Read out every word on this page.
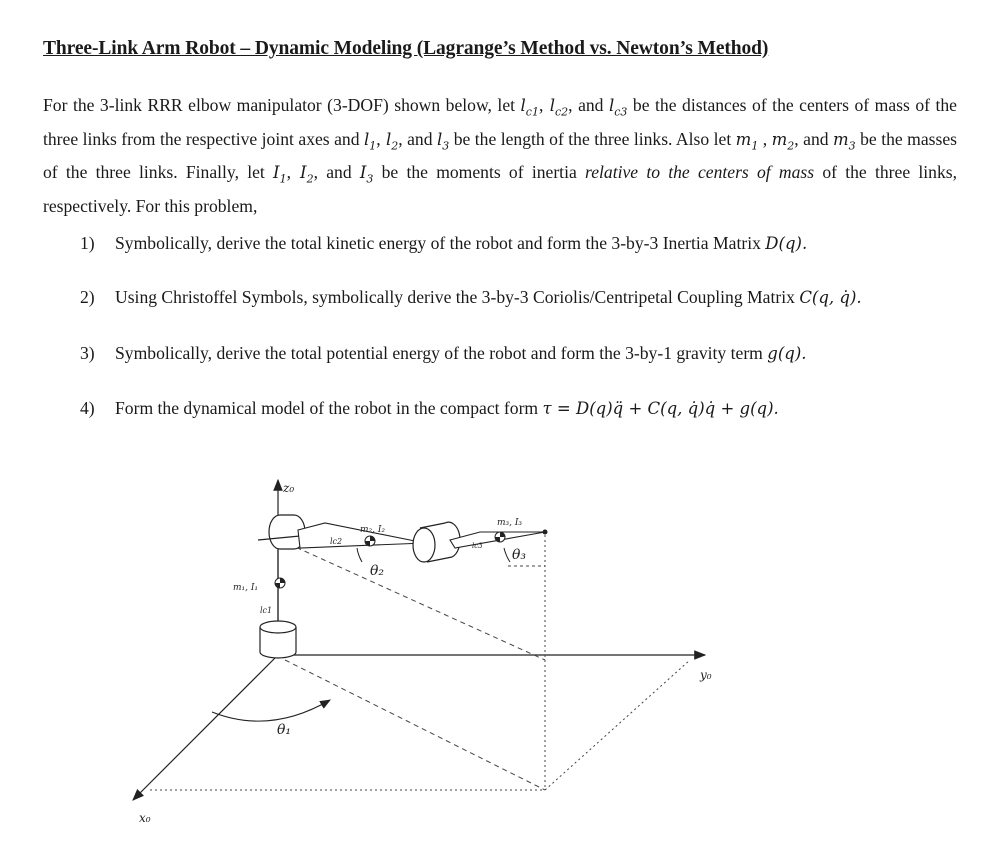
Three-Link Arm Robot – Dynamic Modeling (Lagrange’s Method vs. Newton’s Method)
For the 3-link RRR elbow manipulator (3-DOF) shown below, let $l_{c1}$, $l_{c2}$, and $l_{c3}$ be the distances of the centers of mass of the three links from the respective joint axes and $l_1$, $l_2$, and $l_3$ be the length of the three links. Also let $m_1$ , $m_2$, and $m_3$ be the masses of the three links. Finally, let $I_1$, $I_2$, and $I_3$ be the moments of inertia relative to the centers of mass of the three links, respectively. For this problem,
1) Symbolically, derive the total kinetic energy of the robot and form the 3-by-3 Inertia Matrix D(q).
2) Using Christoffel Symbols, symbolically derive the 3-by-3 Coriolis/Centripetal Coupling Matrix C(q, q̇).
3) Symbolically, derive the total potential energy of the robot and form the 3-by-1 gravity term g(q).
4) Form the dynamical model of the robot in the compact form τ = D(q)q̈ + C(q, q̇)q̇ + g(q).
z₀
y₀
x₀
m₁, I₁
lc1
lc2
m₂, I₂
lc3
m₃, I₃
θ₁
θ₂
θ₃
